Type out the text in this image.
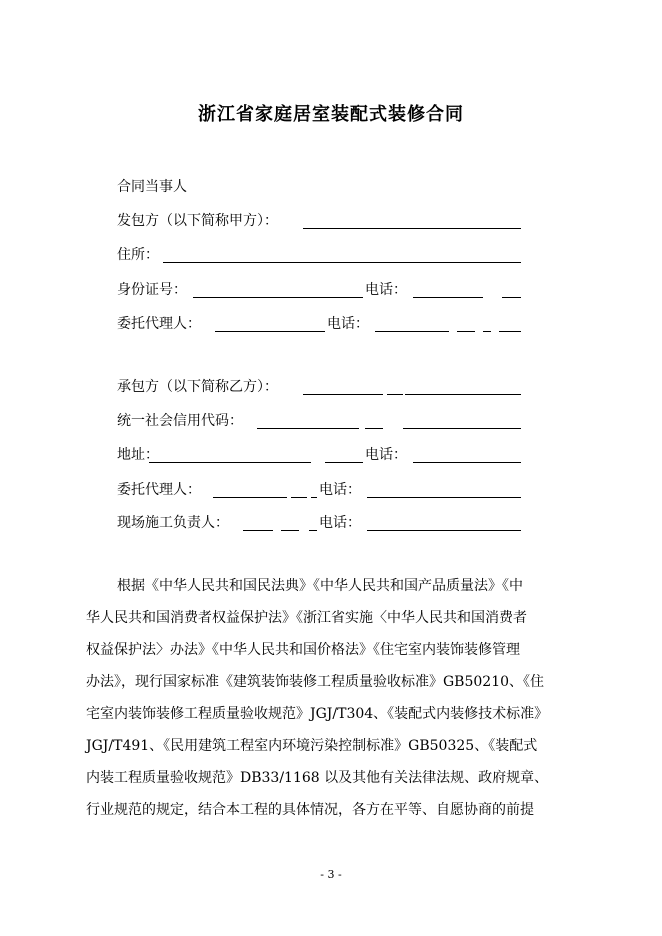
浙江省家庭居室装配式装修合同
合同当事人
发包方（以下简称甲方）：
住所：
身份证号：	电话：
委托代理人：	电话：
承包方（以下简称乙方）：
统一社会信用代码：
地址：	电话：
委托代理人：	电话：
现场施工负责人：	电话：
根据《中华人民共和国民法典》《中华人民共和国产品质量法》《中
华人民共和国消费者权益保护法》《浙江省实施〈中华人民共和国消费者
权益保护法〉办法》《中华人民共和国价格法》《住宅室内装饰装修管理
办法》，现行国家标准《建筑装饰装修工程质量验收标准》GB50210、《住
宅室内装饰装修工程质量验收规范》JGJ/T304、《装配式内装修技术标准》
JGJ/T491、《民用建筑工程室内环境污染控制标准》GB50325、《装配式
内装工程质量验收规范》DB33/1168 以及其他有关法律法规、政府规章、
行业规范的规定，结合本工程的具体情况，各方在平等、自愿协商的前提
- 3 -
